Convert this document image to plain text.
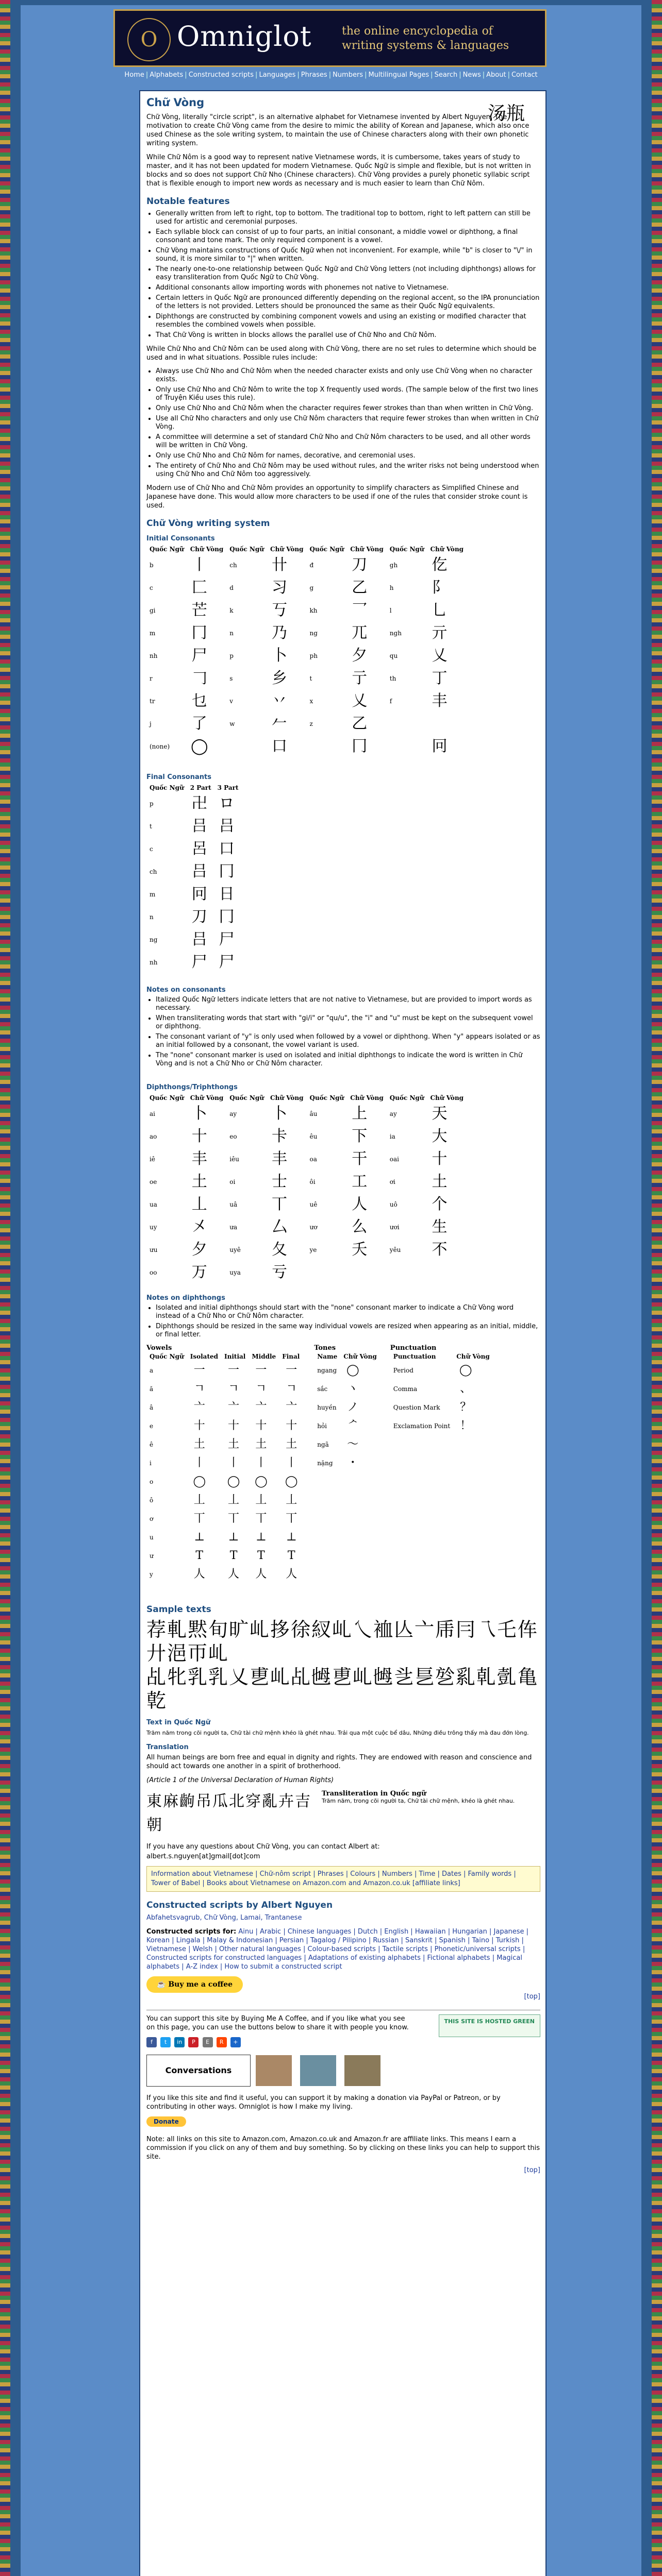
O Omniglot	the online encyclopedia of writing systems & languages
Home | Alphabets | Constructed scripts | Languages | Phrases | Numbers | Multilingual Pages | Search | News | About | Contact
Chữ Vòng
汤瓶

Chữ Vòng, literally "circle script", is an alternative alphabet for Vietnamese invented by Albert Nguyen. The motivation to create Chữ Vòng came from the desire to mimic the ability of Korean and Japanese, which also once used Chinese as the sole writing system, to maintain the use of Chinese characters along with their own phonetic writing system.

While Chữ Nôm is a good way to represent native Vietnamese words, it is cumbersome, takes years of study to master, and it has not been updated for modern Vietnamese. Quốc Ngữ is simple and flexible, but is not written in blocks and so does not support Chữ Nho (Chinese characters). Chữ Vòng provides a purely phonetic syllabic script that is flexible enough to import new words as necessary and is much easier to learn than Chữ Nôm.

Notable features
• Generally written from left to right, top to bottom. The traditional top to bottom, right to left pattern can still be used for artistic and ceremonial purposes.
• Each syllable block can consist of up to four parts, an initial consonant, a middle vowel or diphthong, a final consonant and tone mark. The only required component is a vowel.
• Chữ Vòng maintains constructions of Quốc Ngữ when not inconvenient. For example, while "b" is closer to "\/" in sound, it is more similar to "|" when written.
• The nearly one-to-one relationship between Quốc Ngữ and Chữ Vòng letters (not including diphthongs) allows for easy transliteration from Quốc Ngữ to Chữ Vòng.
• Additional consonants allow importing words with phonemes not native to Vietnamese.
• Certain letters in Quốc Ngữ are pronounced differently depending on the regional accent, so the IPA pronunciation of the letters is not provided. Letters should be pronounced the same as their Quốc Ngữ equivalents.
• Diphthongs are constructed by combining component vowels and using an existing or modified character that resembles the combined vowels when possible.
• That Chữ Vòng is written in blocks allows the parallel use of Chữ Nho and Chữ Nôm.

While Chữ Nho and Chữ Nôm can be used along with Chữ Vòng, there are no set rules to determine which should be used and in what situations. Possible rules include:

• Always use Chữ Nho and Chữ Nôm when the needed character exists and only use Chữ Vòng when no character exists.
• Only use Chữ Nho and Chữ Nôm to write the top X frequently used words. (The sample below of the first two lines of Truyện Kiều uses this rule).
• Only use Chữ Nho and Chữ Nôm when the character requires fewer strokes than than when written in Chữ Vòng.
• Use all Chữ Nho characters and only use Chữ Nôm characters that require fewer strokes than when written in Chữ Vòng.
• A committee will determine a set of standard Chữ Nho and Chữ Nôm characters to be used, and all other words will be written in Chữ Vòng.
• Only use Chữ Nho and Chữ Nôm for names, decorative, and ceremonial uses.
• The entirety of Chữ Nho and Chữ Nôm may be used without rules, and the writer risks not being understood when using Chữ Nho and Chữ Nôm too aggressively.

Modern use of Chữ Nho and Chữ Nôm provides an opportunity to simplify characters as Simplified Chinese and Japanese have done. This would allow more characters to be used if one of the rules that consider stroke count is used.

Chữ Vòng writing system
Initial Consonants
Quốc Ngữ	Chữ Vòng	Quốc Ngữ	Chữ Vòng	Quốc Ngữ	Chữ Vòng	Quốc Ngữ	Chữ Vòng
b	丨	ch	卄	đ	刀	gh	仡
c	匚	d	习	g	乙	h	阝
gi	芒	k	丂	kh	乛	l	乚
m	冂	n	乃	ng	兀	ngh	亓
nh	尸	p	卜	ph	夕	qu	乂
r	𠃌	s	乡	t	亍	th	丁
tr	乜	v	丷	x	乂	f	丰
j	了	w	𠂉	z	乙		
(none)	◯		口		冂		冋
Final Consonants
Quốc Ngữ	2 Part	3 Part
p	卍	ロ
t	吕	吕
c	呂	口
ch	吕	冂
m	冋	日
n	刀	冂
ng	吕	尸
nh	尸	尸
Notes on consonants
• Italized Quốc Ngữ letters indicate letters that are not native to Vietnamese, but are provided to import words as necessary.
• When transliterating words that start with "gi/i" or "qu/u", the "i" and "u" must be kept on the subsequent vowel or diphthong.
• The consonant variant of "y" is only used when followed by a vowel or diphthong. When "y" appears isolated or as an initial followed by a consonant, the vowel variant is used.
• The "none" consonant marker is used on isolated and initial diphthongs to indicate the word is written in Chữ Vòng and is not a Chữ Nho or Chữ Nôm character.
Diphthongs/Triphthongs
Quốc Ngữ	Chữ Vòng	Quốc Ngữ	Chữ Vòng	Quốc Ngữ	Chữ Vòng	Quốc Ngữ	Chữ Vòng
ai	卜	ay	卜	âu	上	ay	天
ao	十	eo	卡	êu	下	ia	大
iê	丰	iêu	丰	oa	干	oai	十
oe	土	oi	士	ôi	工	ơi	土
ua	丄	uâ	丅	uê	人	uô	个
uy	㐅	ưa	厶	ươ	么	ươi	生
ưu	夕	uyê	夂	ye	夭	yêu	不
oo	万	uya	亏				
Notes on diphthongs
• Isolated and initial diphthongs should start with the "none" consonant marker to indicate a Chữ Vòng word instead of a Chữ Nho or Chữ Nôm character.
• Diphthongs should be resized in the same way individual vowels are resized when appearing as an initial, middle, or final letter.
Vowels
Quốc Ngữ	Isolated	Initial	Middle	Final
a	一	一	一	一
ă	ㄱ	ㄱ	ㄱ	ㄱ
â	亠	亠	亠	亠
e	十	十	十	十
ê	土	土	土	土
i	丨	丨	丨	丨
o	◯	◯	◯	◯
ô	丄	丄	丄	丄
ơ	丅	丅	丅	丅
u	⊥	⊥	⊥	⊥
ư	T	T	T	T
y	人	人	人	人
Tones
Name	Chữ Vòng
ngang	◯
sắc	ヽ
huyền	ノ
hỏi	ᄼ
ngã	～
nặng	・
Punctuation
Punctuation	Chữ Vòng
Period	◯
Comma	、
Question Mark	？
Exclamation Point	！
Sample texts
荐軋黙旬旷乢拸徐紁乢乀裇亾亠乕冃乁乇伡廾浥帀乢
乩牝乳乳乂乶乢乩乸乶乢乸乧乬乻乿乹亄亀亁
Text in Quốc Ngữ

Trăm năm trong cõi người ta, Chữ tài chữ mệnh khéo là ghét nhau. Trải qua một cuộc bể dâu, Những điều trông thấy mà đau đớn lòng.

Translation

All human beings are born free and equal in dignity and rights. They are endowed with reason and conscience and should act towards one another in a spirit of brotherhood.

(Article 1 of the Universal Declaration of Human Rights)

東麻齣吊瓜北穿亂卉吉朝
Transliteration in Quốc ngữ
Trăm năm, trong cõi người ta, Chữ tài chữ mệnh, khéo là ghét nhau.

If you have any questions about Chữ Vòng, you can contact Albert at:

albert.s.nguyen[at]gmail[dot]com

Information about Vietnamese | Chữ-nôm script | Phrases | Colours | Numbers | Time | Dates | Family words | Tower of Babel | Books about Vietnamese on Amazon.com and Amazon.co.uk [affiliate links]
Constructed scripts by Albert Nguyen

Abfahetsvagrub, Chữ Vòng, Lamai, Trantanese

Constructed scripts for: Ainu | Arabic | Chinese languages | Dutch | English | Hawaiian | Hungarian | Japanese | Korean | Lingala | Malay & Indonesian | Persian | Tagalog / Pilipino | Russian | Sanskrit | Spanish | Taino | Turkish | Vietnamese | Welsh | Other natural languages | Colour-based scripts | Tactile scripts | Phonetic/universal scripts | Constructed scripts for constructed languages | Adaptations of existing alphabets | Fictional alphabets | Magical alphabets | A-Z index | How to submit a constructed script

☕ Buy me a coffee
[top]

You can support this site by Buying Me A Coffee, and if you like what you see on this page, you can use the buttons below to share it with people you know.

THIS SITE IS HOSTED GREEN
f t in P E R +
Conversations

If you like this site and find it useful, you can support it by making a donation via PayPal or Patreon, or by contributing in other ways. Omniglot is how I make my living.

Donate

Note: all links on this site to Amazon.com, Amazon.co.uk and Amazon.fr are affiliate links. This means I earn a commission if you click on any of them and buy something. So by clicking on these links you can help to support this site.

[top]
